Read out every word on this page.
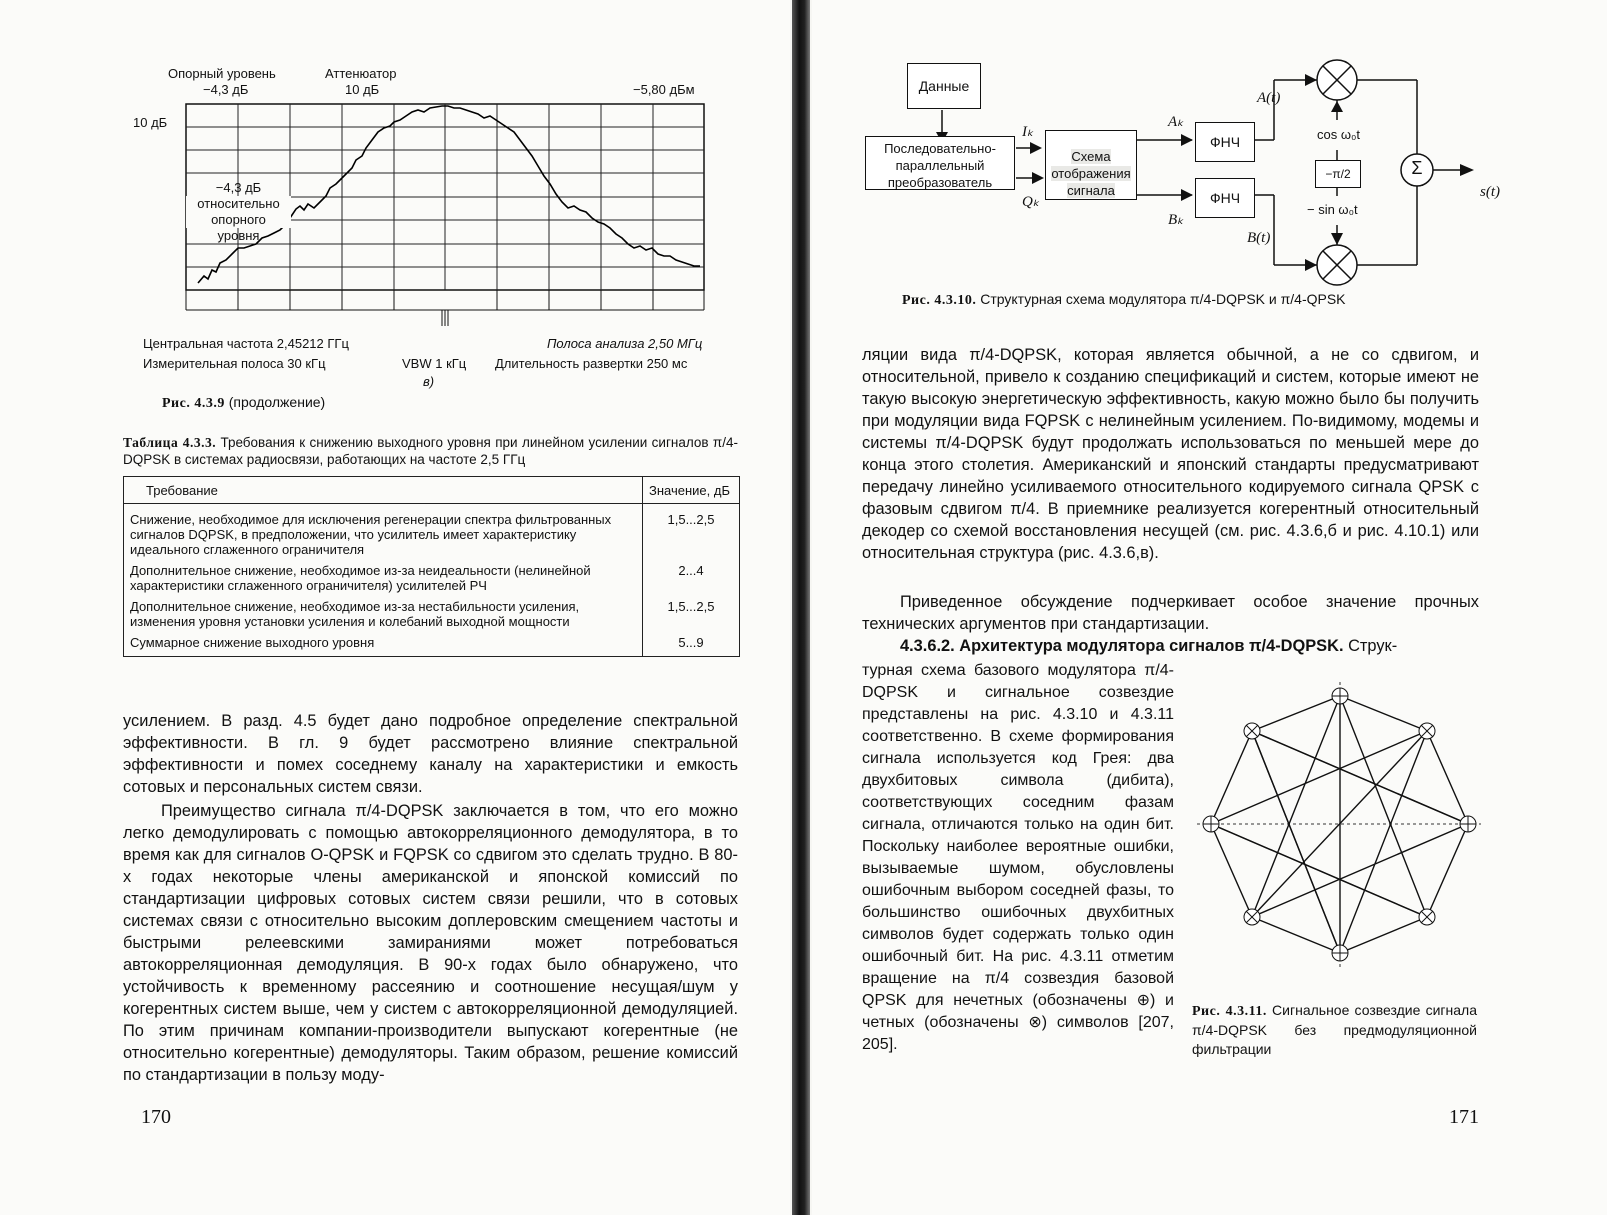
Опорный уровень
−4,3 дБ
Аттенюатор
10 дБ	−5,80 дБм
10 дБ
−4,3 дБ
относительно
опорного
уровня
Центральная частота 2,45212 ГГц	Полоса анализа 2,50 МГц
Измерительная полоса 30 кГц	VBW 1 кГц Длительность развертки 250 мс
в)
Рис. 4.3.9 (продолжение)
Таблица 4.3.3. Требования к снижению выходного уровня при линейном усилении сигналов π/4-DQPSK в системах радиосвязи, работающих на частоте 2,5 ГГц
Требование	Значение, дБ
Снижение, необходимое для исключения регенерации спектра фильтрованных сигналов DQPSK, в предположении, что усилитель имеет характеристику идеального сглаженного ограничителя	1,5...2,5
Дополнительное снижение, необходимое из-за неидеальности (нелинейной характеристики сглаженного ограничителя) усилителей РЧ	2...4
Дополнительное снижение, необходимое из-за нестабильности усиления, изменения уровня установки усиления и колебаний выходной мощности	1,5...2,5
Суммарное снижение выходного уровня	5...9
усилением. В разд. 4.5 будет дано подробное определение спектральной эффективности. В гл. 9 будет рассмотрено влияние спектральной эффективности и помех соседнему каналу на характеристики и емкость сотовых и персональных систем связи.
Преимущество сигнала π/4-DQPSK заключается в том, что его можно легко демодулировать с помощью автокорреляционного демодулятора, в то время как для сигналов O-QPSK и FQPSK со сдвигом это сделать трудно. В 80-х годах некоторые члены американской и японской комиссий по стандартизации цифровых сотовых систем связи решили, что в сотовых системах связи с относительно высоким доплеровским смещением частоты и быстрыми релеевскими замираниями может потребоваться автокорреляционная демодуляция. В 90-х годах было обнаружено, что устойчивость к временному рассеянию и соотношение несущая/шум у когерентных систем выше, чем у систем с автокорреляционной демодуляцией. По этим причинам компании-производители выпускают когерентные (не относительно когерентные) демодуляторы. Таким образом, решение комиссий по стандартизации в пользу моду-
170
Данные
Последовательно-параллельный преобразователь
Схема отображения сигнала
ФНЧ
ФНЧ
−π/2	Σ
Iₖ
Qₖ
Aₖ
Bₖ
A(t)
B(t)
s(t)
cos ω₀t
− sin ω₀t
Рис. 4.3.10. Структурная схема модулятора π/4-DQPSK и π/4-QPSK
ляции вида π/4-DQPSK, которая является обычной, а не со сдвигом, и относительной, привело к созданию спецификаций и систем, которые имеют не такую высокую энергетическую эффективность, какую можно было бы получить при модуляции вида FQPSK с нелинейным усилением. По-видимому, модемы и системы π/4-DQPSK будут продолжать использоваться по меньшей мере до конца этого столетия. Американский и японский стандарты предусматривают передачу линейно усиливаемого относительного кодируемого сигнала QPSK с фазовым сдвигом π/4. В приемнике реализуется когерентный относительный декодер со схемой восстановления несущей (см. рис. 4.3.6,б и рис. 4.10.1) или относительная структура (рис. 4.3.6,в).
Приведенное обсуждение подчеркивает особое значение прочных технических аргументов при стандартизации.
4.3.6.2. Архитектура модулятора сигналов π/4-DQPSK. Струк-
турная схема базового модулятора π/4-DQPSK и сигнальное созвездие представлены на рис. 4.3.10 и 4.3.11 соответственно. В схеме формирования сигнала используется код Грея: два двухбитовых символа (дибита), соответствующих соседним фазам сигнала, отличаются только на один бит. Поскольку наиболее вероятные ошибки, вызываемые шумом, обусловлены ошибочным выбором соседней фазы, то большинство ошибочных двухбитных символов будет содержать только один ошибочный бит. На рис. 4.3.11 отметим вращение на π/4 созвездия базовой QPSK для нечетных (обозначены ⊕) и четных (обозначены ⊗) символов [207, 205].
Рис. 4.3.11. Сигнальное созвездие сигнала π/4-DQPSK без предмодуляционной фильтрации
171
